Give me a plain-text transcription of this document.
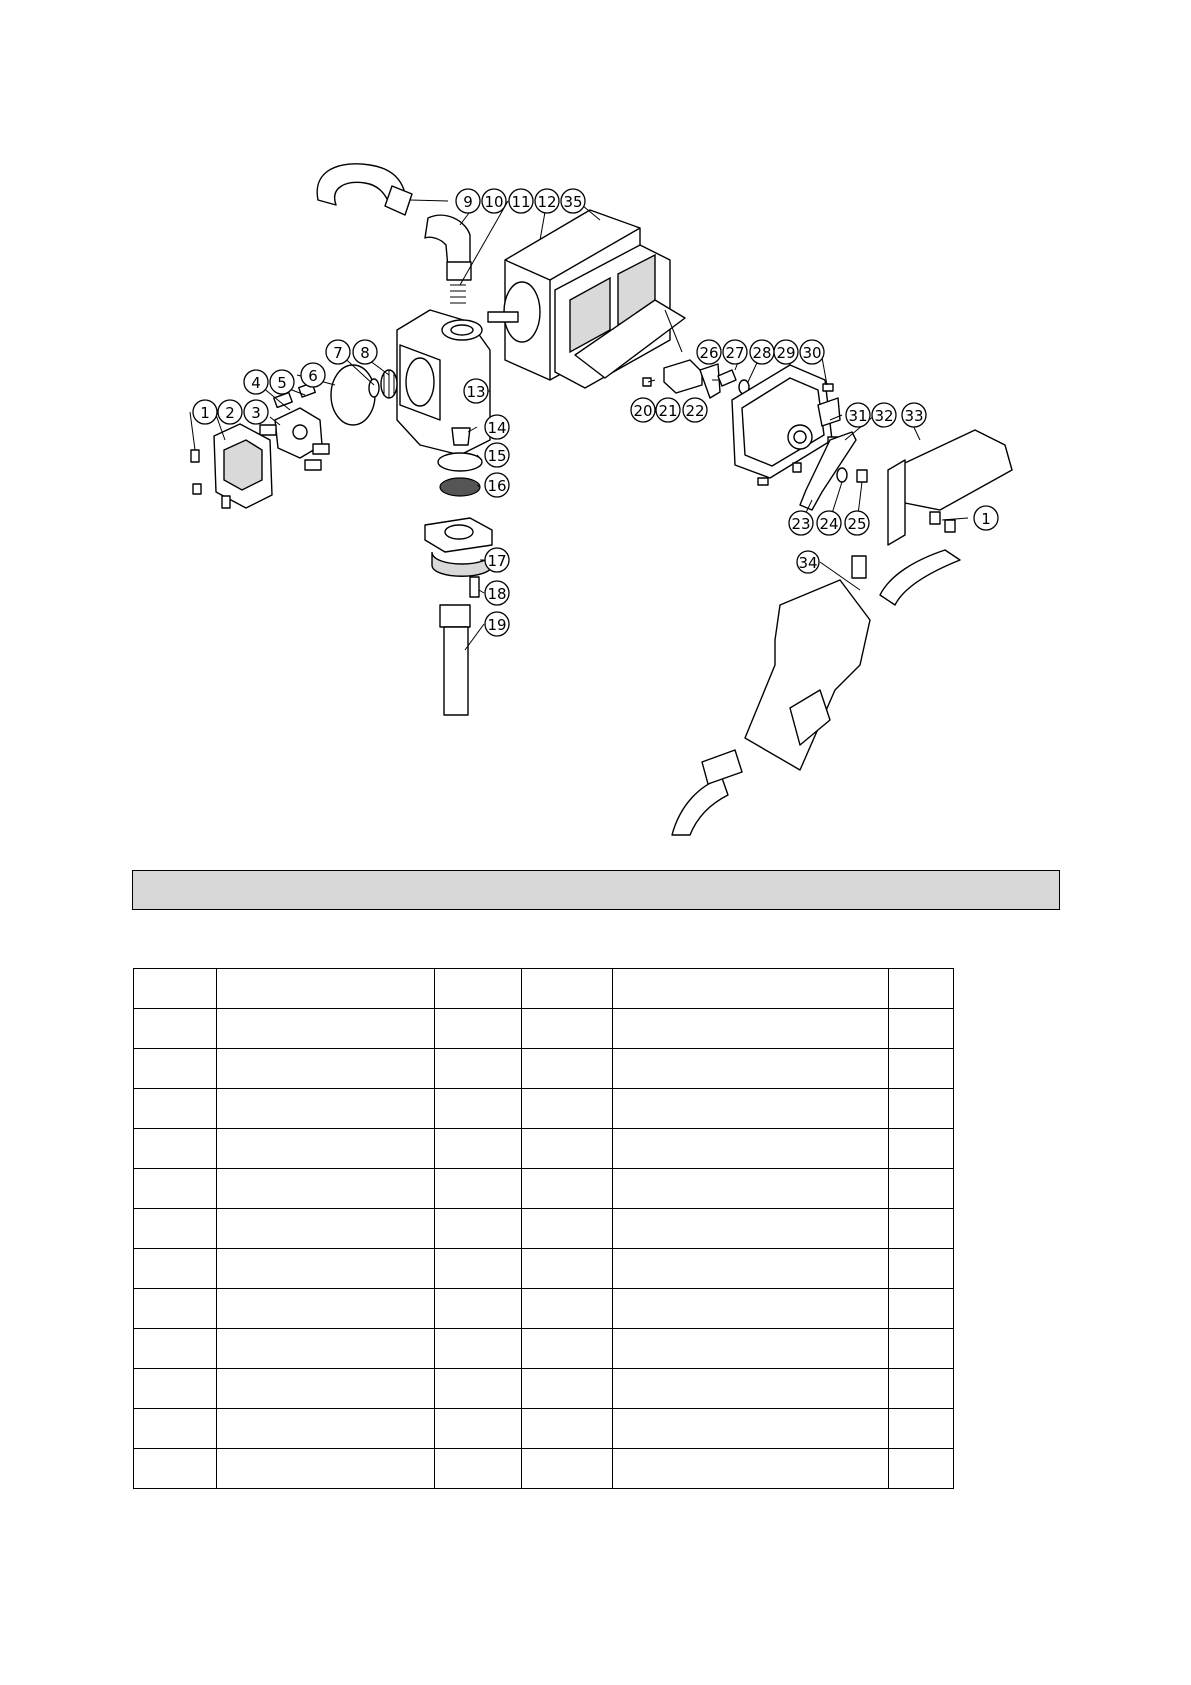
1 2 3
4 5 6
7 8
9 10 11 12 35
13
14
15
16
17
18
19
20 21 22
26 27 28 29 30
31 32 33
23 24 25	1
34
